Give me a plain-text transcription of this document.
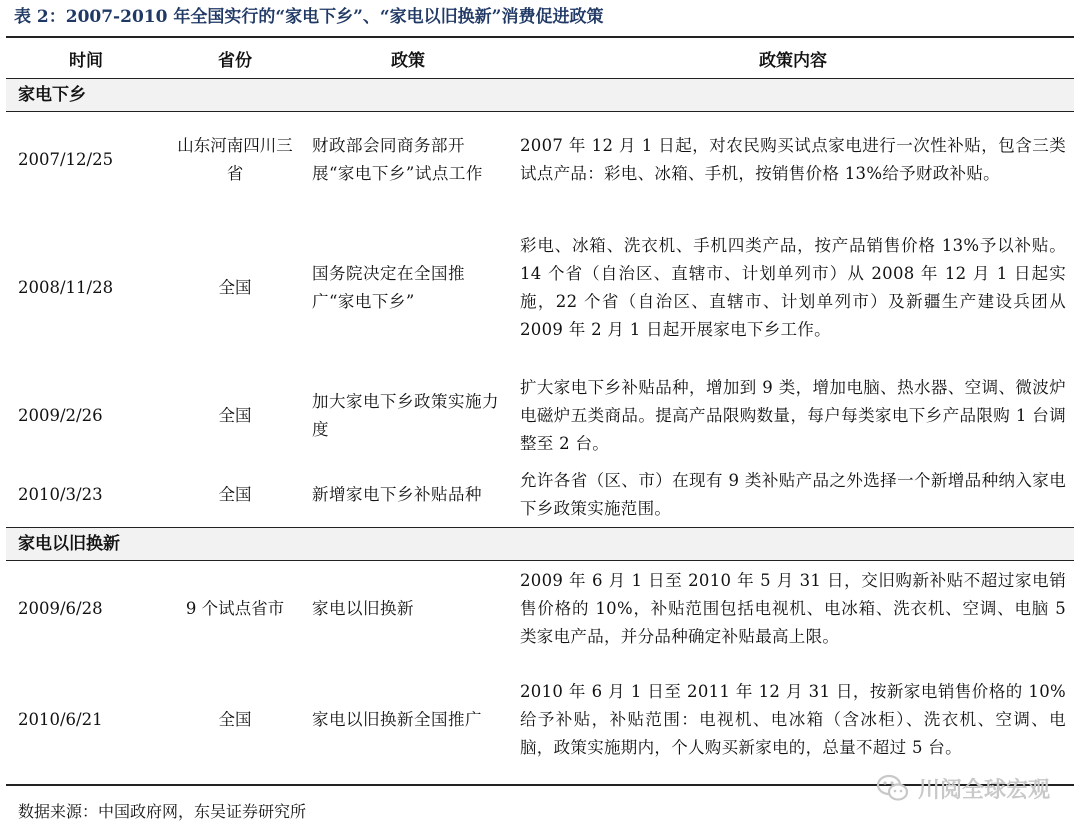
表 2：2007-2010 年全国实行的“家电下乡”、“家电以旧换新”消费促进政策
时间	省份	政策	政策内容
家电下乡			
2007/12/25	山东河南四川三省	财政部会同商务部开展“家电下乡”试点工作	2007 年 12 月 1 日起，对农民购买试点家电进行一次性补贴，包含三类试点产品：彩电、冰箱、手机，按销售价格 13%给予财政补贴。
2008/11/28	全国	国务院决定在全国推广“家电下乡”	彩电、冰箱、洗衣机、手机四类产品，按产品销售价格 13%予以补贴。14 个省（自治区、直辖市、计划单列市）从 2008 年 12 月 1 日起实施，22 个省（自治区、直辖市、计划单列市）及新疆生产建设兵团从 2009 年 2 月 1 日起开展家电下乡工作。
2009/2/26	全国	加大家电下乡政策实施力度	扩大家电下乡补贴品种，增加到 9 类，增加电脑、热水器、空调、微波炉电磁炉五类商品。提高产品限购数量，每户每类家电下乡产品限购 1 台调整至 2 台。
2010/3/23	全国	新增家电下乡补贴品种	允许各省（区、市）在现有 9 类补贴产品之外选择一个新增品种纳入家电下乡政策实施范围。
家电以旧换新			
2009/6/28	9 个试点省市	家电以旧换新	2009 年 6 月 1 日至 2010 年 5 月 31 日，交旧购新补贴不超过家电销售价格的 10%，补贴范围包括电视机、电冰箱、洗衣机、空调、电脑 5 类家电产品，并分品种确定补贴最高上限。
2010/6/21	全国	家电以旧换新全国推广	2010 年 6 月 1 日至 2011 年 12 月 31 日，按新家电销售价格的 10%给予补贴，补贴范围：电视机、电冰箱（含冰柜）、洗衣机、空调、电脑，政策实施期内，个人购买新家电的，总量不超过 5 台。
数据来源：中国政府网，东吴证券研究所
川阅全球宏观
